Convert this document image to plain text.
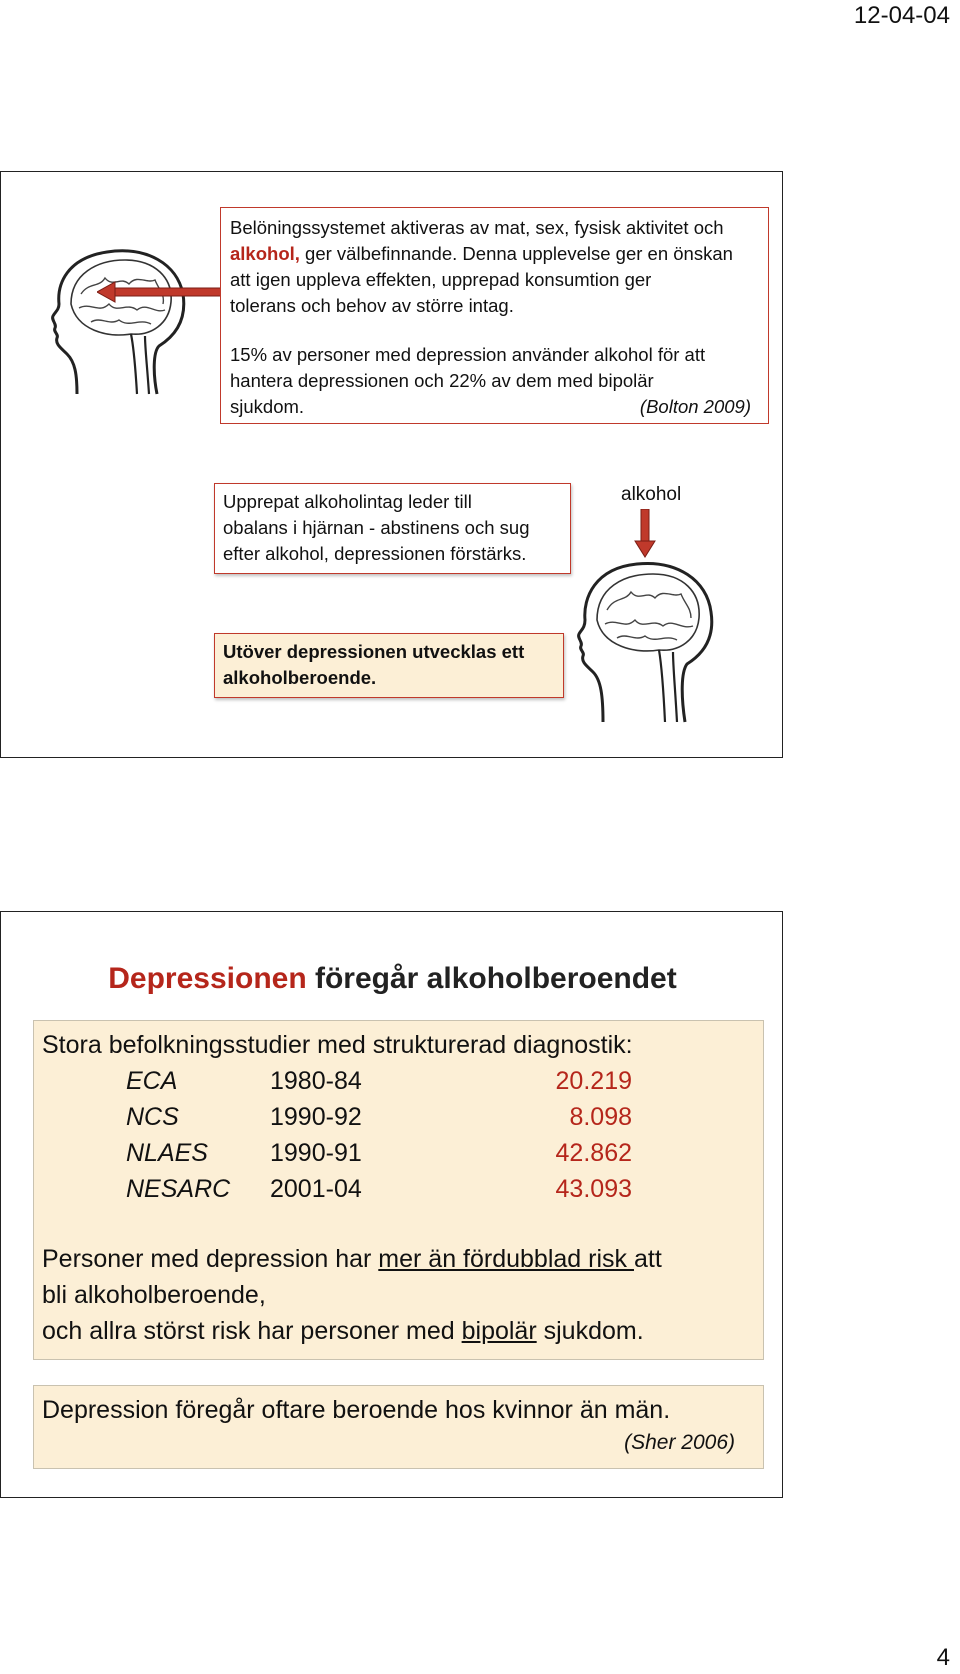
12-04-04

Belöningssystemet aktiveras av mat, sex, fysisk aktivitet och
alkohol, ger välbefinnande. Denna upplevelse ger en önskan
att igen uppleva effekten, upprepad konsumtion ger
tolerans och behov av större intag.

15% av personer med depression använder alkohol för att
hantera depressionen och 22% av dem med bipolär
sjukdom.	(Bolton 2009)

Upprepat alkoholintag leder till
obalans i hjärnan - abstinens och sug
efter alkohol, depressionen förstärks.
Utöver depressionen utvecklas ett
alkoholberoende.
alkohol
Depressionen föregår alkoholberoendet
Stora befolkningsstudier med strukturerad diagnostik:
ECA	1980-84	20.219
NCS	1990-92	8.098
NLAES 1990-91	42.862
NESARC 2001-04	43.093
Personer med depression har mer än fördubblad risk att
bli alkoholberoende,
och allra störst risk har personer med bipolär sjukdom.
Depression föregår oftare beroende hos kvinnor än män.
(Sher 2006)
4
